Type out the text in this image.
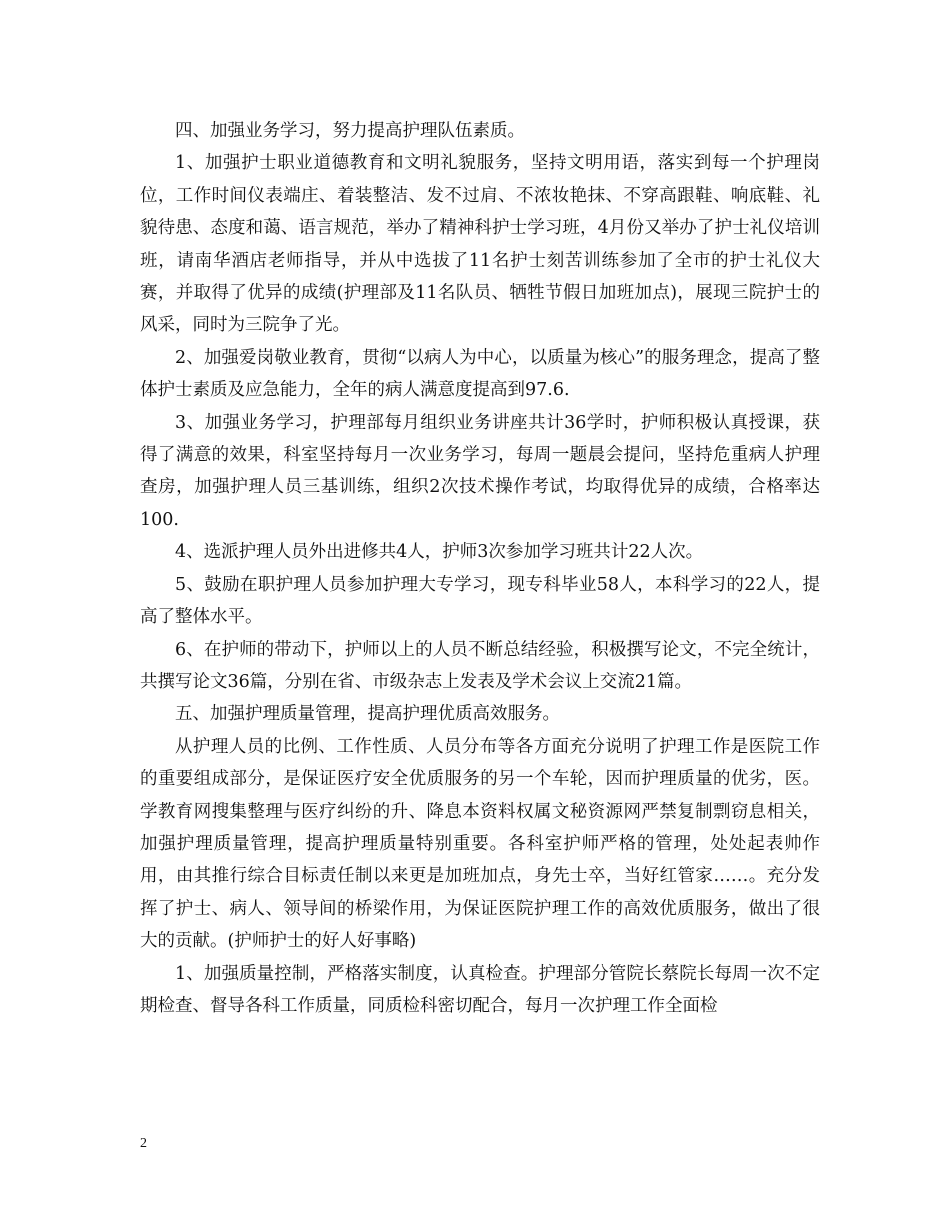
四、加强业务学习，努力提高护理队伍素质。

1、加强护士职业道德教育和文明礼貌服务，坚持文明用语，落实到每一个护理岗位，工作时间仪表端庄、着装整洁、发不过肩、不浓妆艳抹、不穿高跟鞋、响底鞋、礼貌待患、态度和蔼、语言规范，举办了精神科护士学习班，4月份又举办了护士礼仪培训班，请南华酒店老师指导，并从中选拔了11名护士刻苦训练参加了全市的护士礼仪大赛，并取得了优异的成绩(护理部及11名队员、牺牲节假日加班加点)，展现三院护士的风采，同时为三院争了光。

2、加强爱岗敬业教育，贯彻“以病人为中心，以质量为核心”的服务理念，提高了整体护士素质及应急能力，全年的病人满意度提高到97.6.

3、加强业务学习，护理部每月组织业务讲座共计36学时，护师积极认真授课，获得了满意的效果，科室坚持每月一次业务学习，每周一题晨会提问，坚持危重病人护理查房，加强护理人员三基训练，组织2次技术操作考试，均取得优异的成绩，合格率达100.

4、选派护理人员外出进修共4人，护师3次参加学习班共计22人次。

5、鼓励在职护理人员参加护理大专学习，现专科毕业58人，本科学习的22人，提高了整体水平。

6、在护师的带动下，护师以上的人员不断总结经验，积极撰写论文，不完全统计，共撰写论文36篇，分别在省、市级杂志上发表及学术会议上交流21篇。

五、加强护理质量管理，提高护理优质高效服务。

从护理人员的比例、工作性质、人员分布等各方面充分说明了护理工作是医院工作的重要组成部分，是保证医疗安全优质服务的另一个车轮，因而护理质量的优劣，医。学教育网搜集整理与医疗纠纷的升、降息本资料权属文秘资源网严禁复制剽窃息相关，加强护理质量管理，提高护理质量特别重要。各科室护师严格的管理，处处起表帅作用，由其推行综合目标责任制以来更是加班加点，身先士卒，当好红管家……。充分发挥了护士、病人、领导间的桥梁作用，为保证医院护理工作的高效优质服务，做出了很大的贡献。(护师护士的好人好事略)

1、加强质量控制，严格落实制度，认真检查。护理部分管院长蔡院长每周一次不定期检查、督导各科工作质量，同质检科密切配合，每月一次护理工作全面检

2
